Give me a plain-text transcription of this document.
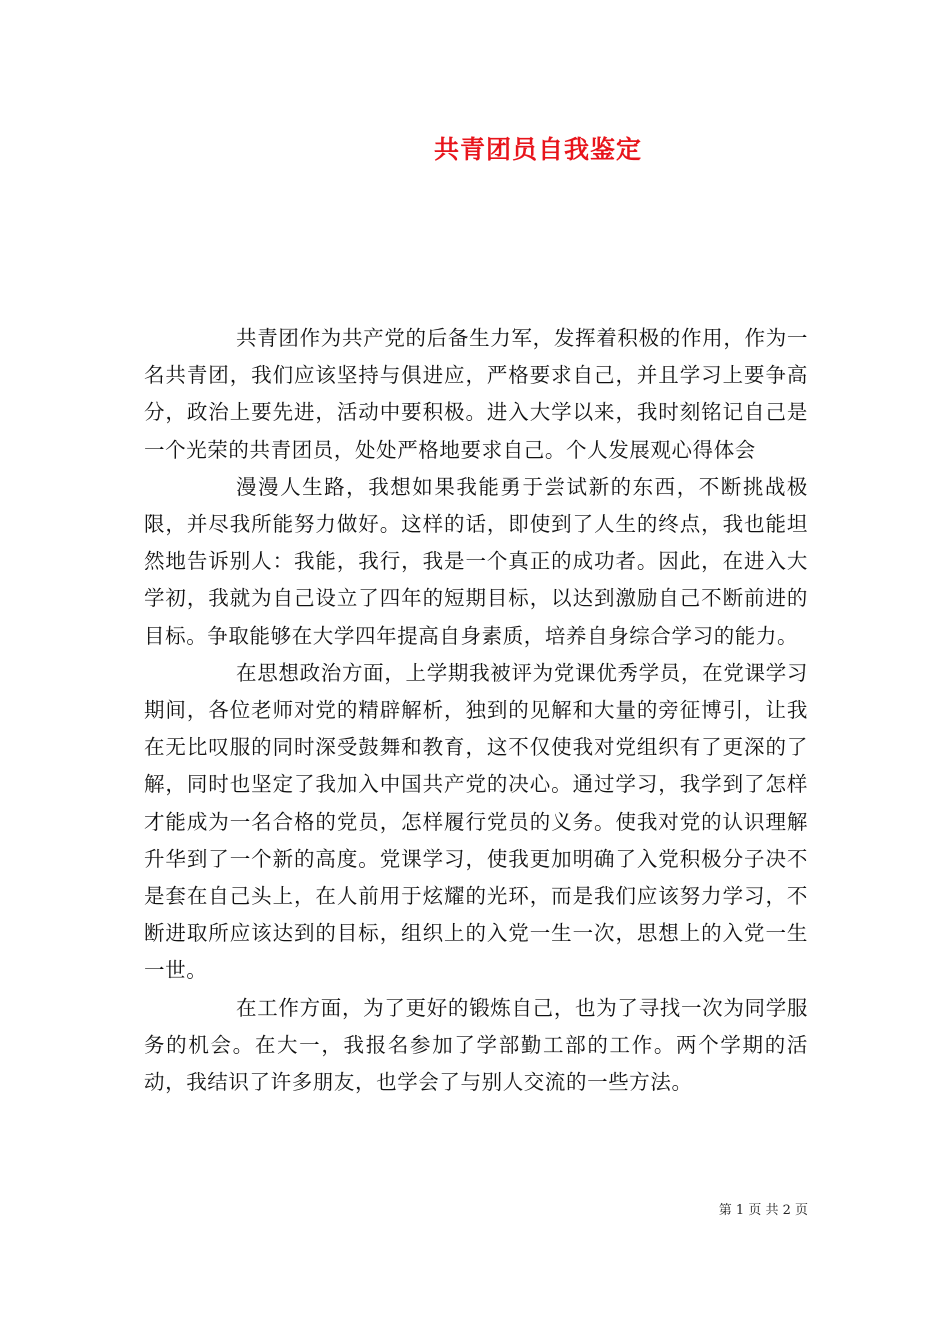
共青团员自我鉴定

共青团作为共产党的后备生力军，发挥着积极的作用，作为一名共青团，我们应该坚持与俱进应，严格要求自己，并且学习上要争高分，政治上要先进，活动中要积极。进入大学以来，我时刻铭记自己是一个光荣的共青团员，处处严格地要求自己。个人发展观心得体会

漫漫人生路，我想如果我能勇于尝试新的东西，不断挑战极限，并尽我所能努力做好。这样的话，即使到了人生的终点，我也能坦然地告诉别人：我能，我行，我是一个真正的成功者。因此，在进入大学初，我就为自己设立了四年的短期目标，以达到激励自己不断前进的目标。争取能够在大学四年提高自身素质，培养自身综合学习的能力。

在思想政治方面，上学期我被评为党课优秀学员，在党课学习期间，各位老师对党的精辟解析，独到的见解和大量的旁征博引，让我在无比叹服的同时深受鼓舞和教育，这不仅使我对党组织有了更深的了解，同时也坚定了我加入中国共产党的决心。通过学习，我学到了怎样才能成为一名合格的党员，怎样履行党员的义务。使我对党的认识理解升华到了一个新的高度。党课学习，使我更加明确了入党积极分子决不是套在自己头上，在人前用于炫耀的光环，而是我们应该努力学习，不断进取所应该达到的目标，组织上的入党一生一次，思想上的入党一生一世。

在工作方面，为了更好的锻炼自己，也为了寻找一次为同学服务的机会。在大一，我报名参加了学部勤工部的工作。两个学期的活动，我结识了许多朋友，也学会了与别人交流的一些方法。

第 1 页 共 2 页
